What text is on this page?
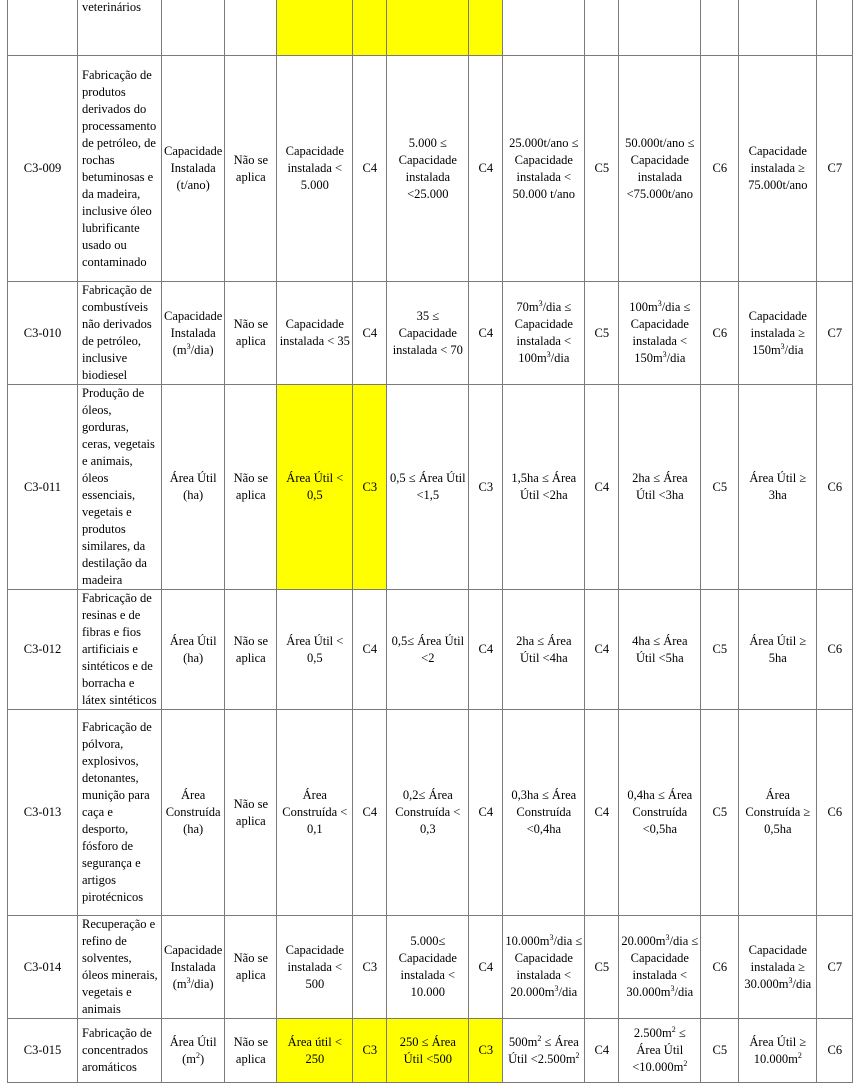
	veterinários												
C3-009	Fabricação de produtos derivados do processamento de petróleo, de rochas betuminosas e da madeira, inclusive óleo lubrificante usado ou contaminado	Capacidade Instalada (t/ano)	Não se aplica	Capacidade instalada < 5.000	C4	5.000 ≤ Capacidade instalada <25.000	C4	25.000t/ano ≤ Capacidade instalada < 50.000 t/ano	C5	50.000t/ano ≤ Capacidade instalada <75.000t/ano	C6	Capacidade instalada ≥ 75.000t/ano	C7
C3-010	Fabricação de combustíveis não derivados de petróleo, inclusive biodiesel	Capacidade Instalada $(m^3/dia)$	Não se aplica	Capacidade instalada < 35	C4	35 ≤ Capacidade instalada < 70	C4	$70m^3$/dia ≤ Capacidade instalada < $100m^3$/dia	C5	$100m^3$/dia ≤ Capacidade instalada < $150m^3$/dia	C6	Capacidade instalada ≥ $150m^3$/dia	C7
C3-011	Produção de óleos, gorduras, ceras, vegetais e animais, óleos essenciais, vegetais e produtos similares, da destilação da madeira	Área Útil (ha)	Não se aplica	Área Útil < 0,5	C3	0,5 ≤ Área Útil <1,5	C3	1,5ha ≤ Área Útil <2ha	C4	2ha ≤ Área Útil <3ha	C5	Área Útil ≥ 3ha	C6
C3-012	Fabricação de resinas e de fibras e fios artificiais e sintéticos e de borracha e látex sintéticos	Área Útil (ha)	Não se aplica	Área Útil < 0,5	C4	0,5≤ Área Útil <2	C4	2ha ≤ Área Útil <4ha	C4	4ha ≤ Área Útil <5ha	C5	Área Útil ≥ 5ha	C6
C3-013	Fabricação de pólvora, explosivos, detonantes, munição para caça e desporto, fósforo de segurança e artigos pirotécnicos	Área Construída (ha)	Não se aplica	Área Construída < 0,1	C4	0,2≤ Área Construída < 0,3	C4	0,3ha ≤ Área Construída <0,4ha	C4	0,4ha ≤ Área Construída <0,5ha	C5	Área Construída ≥ 0,5ha	C6
C3-014	Recuperação e refino de solventes, óleos minerais, vegetais e animais	Capacidade Instalada $(m^3/dia)$	Não se aplica	Capacidade instalada < 500	C3	5.000≤ Capacidade instalada < 10.000	C4	$10.000m^3$/dia ≤ Capacidade instalada < $20.000m^3$/dia	C5	$20.000m^3$/dia ≤ Capacidade instalada < $30.000m^3$/dia	C6	Capacidade instalada ≥ $30.000m^3$/dia	C7
C3-015	Fabricação de concentrados aromáticos	Área Útil $(m^2)$	Não se aplica	Área útil < 250	C3	250 ≤ Área Útil <500	C3	$500m^2$ ≤ Área Útil $<2.500m^2$	C4	$2.500m^2$ ≤ Área Útil $<10.000m^2$	C5	Área Útil ≥ $10.000m^2$	C6
